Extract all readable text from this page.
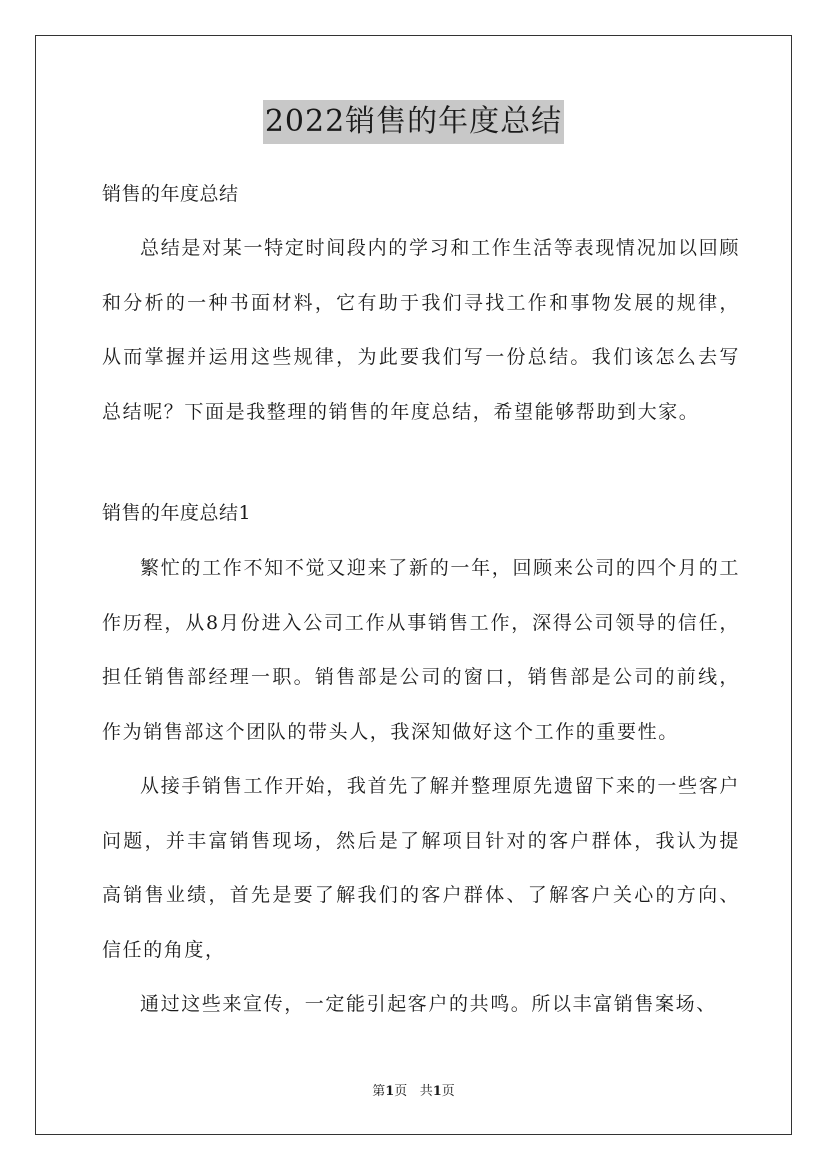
2022销售的年度总结

销售的年度总结

总结是对某一特定时间段内的学习和工作生活等表现情况加以回顾和分析的一种书面材料，它有助于我们寻找工作和事物发展的规律，从而掌握并运用这些规律，为此要我们写一份总结。我们该怎么去写总结呢？下面是我整理的销售的年度总结，希望能够帮助到大家。

销售的年度总结1

繁忙的工作不知不觉又迎来了新的一年，回顾来公司的四个月的工作历程，从8月份进入公司工作从事销售工作，深得公司领导的信任，担任销售部经理一职。销售部是公司的窗口，销售部是公司的前线，作为销售部这个团队的带头人，我深知做好这个工作的重要性。

从接手销售工作开始，我首先了解并整理原先遗留下来的一些客户问题，并丰富销售现场，然后是了解项目针对的客户群体，我认为提高销售业绩，首先是要了解我们的客户群体、了解客户关心的方向、信任的角度，

通过这些来宣传，一定能引起客户的共鸣。所以丰富销售案场、

第1页 共1页
